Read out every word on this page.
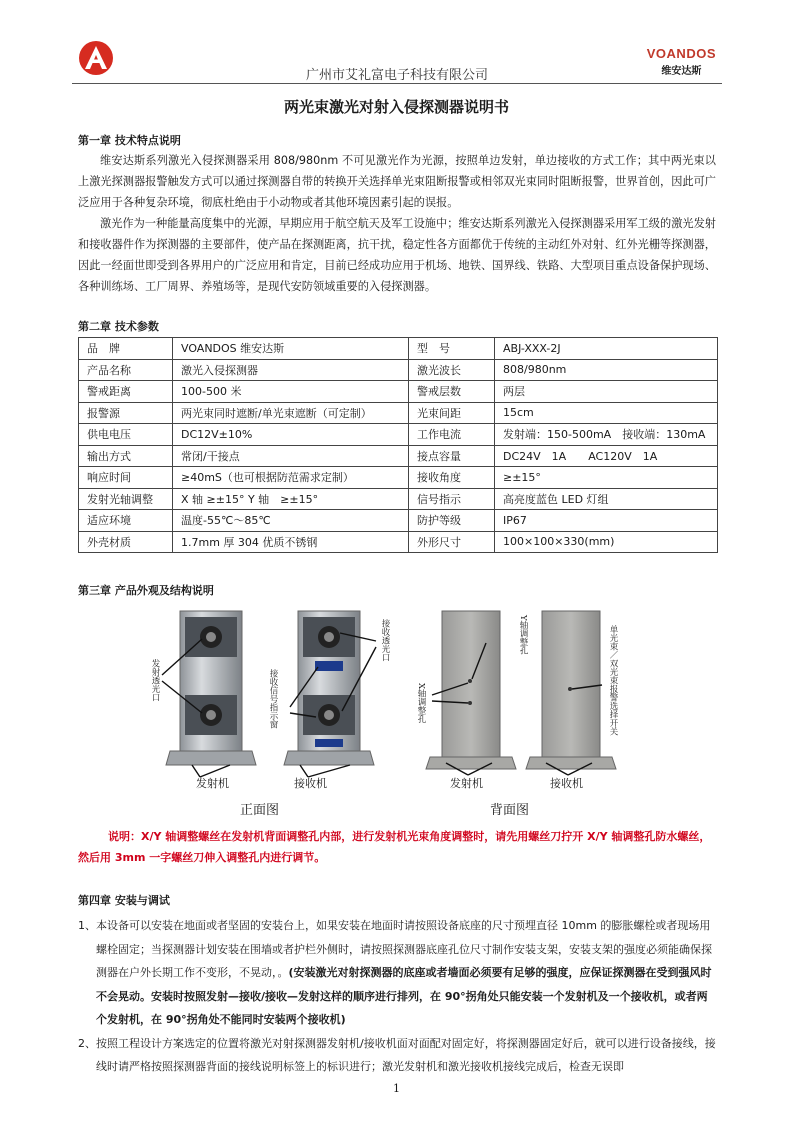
广州市艾礼富电子科技有限公司
VOANDOS
维安达斯
两光束激光对射入侵探测器说明书
第一章 技术特点说明
维安达斯系列激光入侵探测器采用 808/980nm 不可见激光作为光源，按照单边发射，单边接收的方式工作；其中两光束以上激光探测器报警触发方式可以通过探测器自带的转换开关选择单光束阻断报警或相邻双光束同时阻断报警，世界首创，因此可广泛应用于各种复杂环境，彻底杜绝由于小动物或者其他环境因素引起的误报。
激光作为一种能量高度集中的光源，早期应用于航空航天及军工设施中；维安达斯系列激光入侵探测器采用军工级的激光发射和接收器件作为探测器的主要部件，使产品在探测距离，抗干扰，稳定性各方面都优于传统的主动红外对射、红外光栅等探测器，因此一经面世即受到各界用户的广泛应用和肯定，目前已经成功应用于机场、地铁、国界线、铁路、大型项目重点设备保护现场、各种训练场、工厂周界、养殖场等，是现代安防领域重要的入侵探测器。
第二章 技术参数
品　牌	VOANDOS 维安达斯	型　号	ABJ-XXX-2J
产品名称	激光入侵探测器	激光波长	808/980nm
警戒距离	100-500 米	警戒层数	两层
报警源	两光束同时遮断/单光束遮断（可定制）	光束间距	15cm
供电电压	DC12V±10%	工作电流	发射端：150-500mA　接收端：130mA
输出方式	常闭/干接点	接点容量	DC24V　1A　　AC120V　1A
响应时间	≥40mS（也可根据防范需求定制）	接收角度	≥±15°
发射光轴调整	X 轴 ≥±15° Y 轴　≥±15°	信号指示	高亮度蓝色 LED 灯组
适应环境	温度-55℃～85℃	防护等级	IP67
外壳材质	1.7mm 厚 304 优质不锈钢	外形尺寸	100×100×330(mm)
第三章 产品外观及结构说明
发射透光口	接收信号指示窗
接收透光口
X轴调整孔
Y轴调整孔	单光束／双光束报警选择开关
发射机	接收机	发射机	接收机
正面图	背面图
说明：X/Y 轴调整螺丝在发射机背面调整孔内部，进行发射机光束角度调整时，请先用螺丝刀拧开 X/Y 轴调整孔防水螺丝，然后用 3mm 一字螺丝刀伸入调整孔内进行调节。
第四章 安装与调试
1、本设备可以安装在地面或者坚固的安装台上，如果安装在地面时请按照设备底座的尺寸预埋直径 10mm 的膨胀螺栓或者现场用螺栓固定；当探测器计划安装在围墙或者护栏外侧时，请按照探测器底座孔位尺寸制作安装支架，安装支架的强度必须能确保探测器在户外长期工作不变形，不晃动，。(安装激光对射探测器的底座或者墙面必须要有足够的强度，应保证探测器在受到强风时不会晃动。安装时按照发射—接收/接收—发射这样的顺序进行排列，在 90°拐角处只能安装一个发射机及一个接收机，或者两个发射机，在 90°拐角处不能同时安装两个接收机)
2、按照工程设计方案选定的位置将激光对射探测器发射机/接收机面对面配对固定好，将探测器固定好后，就可以进行设备接线，接线时请严格按照探测器背面的接线说明标签上的标识进行；激光发射机和激光接收机接线完成后，检查无误即
1
